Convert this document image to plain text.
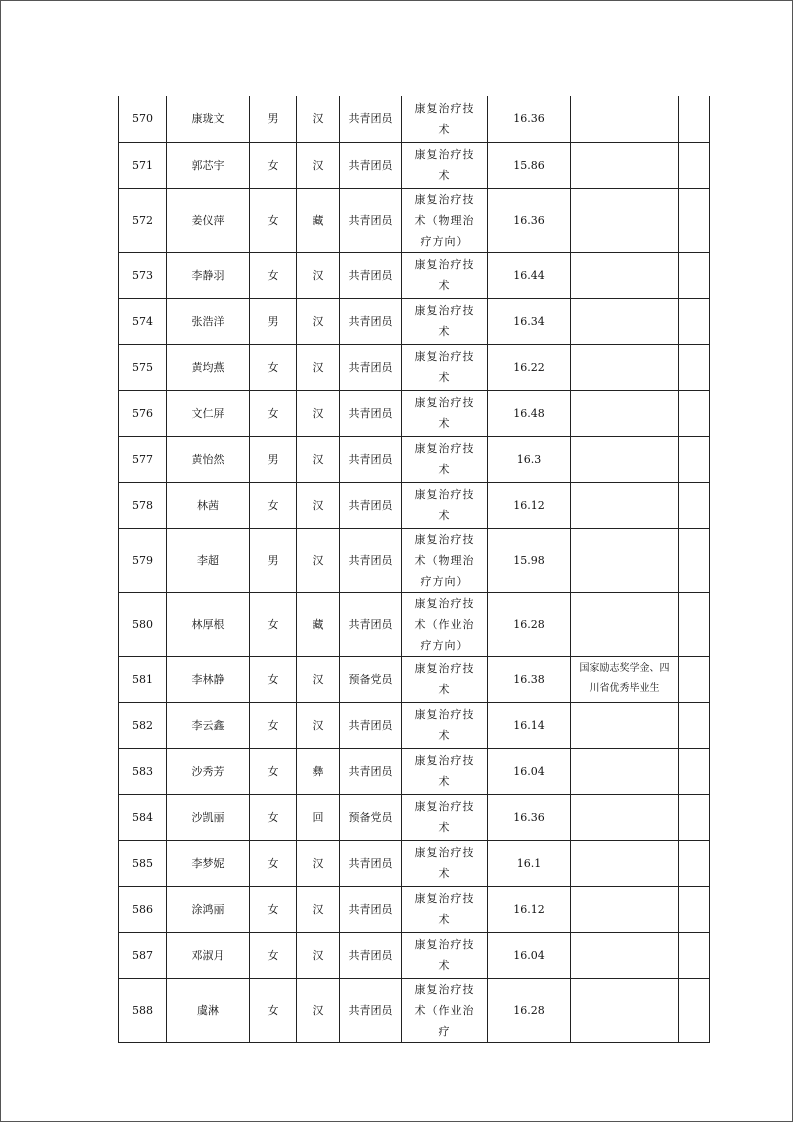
570	康珑文	男	汉	共青团员	康复治疗技术	16.36		

571	郭芯宇	女	汉	共青团员	康复治疗技术	15.86		

572	姜仪萍	女	藏	共青团员	康复治疗技术（物理治疗方向）	16.36		

573	李静羽	女	汉	共青团员	康复治疗技术	16.44		

574	张浩洋	男	汉	共青团员	康复治疗技术	16.34		

575	黄均燕	女	汉	共青团员	康复治疗技术	16.22		

576	文仁屏	女	汉	共青团员	康复治疗技术	16.48		

577	黄怡然	男	汉	共青团员	康复治疗技术	16.3		

578	林茜	女	汉	共青团员	康复治疗技术	16.12		

579	李超	男	汉	共青团员	康复治疗技术（物理治疗方向）	15.98		

580	林厚根	女	藏	共青团员	康复治疗技术（作业治疗方向）	16.28		

581	李林静	女	汉	预备党员	康复治疗技术	16.38	国家励志奖学金、四川省优秀毕业生	

582	李云鑫	女	汉	共青团员	康复治疗技术	16.14		

583	沙秀芳	女	彝	共青团员	康复治疗技术	16.04		

584	沙凯丽	女	回	预备党员	康复治疗技术	16.36		

585	李梦妮	女	汉	共青团员	康复治疗技术	16.1		

586	涂鸿丽	女	汉	共青团员	康复治疗技术	16.12		

587	邓淑月	女	汉	共青团员	康复治疗技术	16.04		

588	虞淋	女	汉	共青团员	康复治疗技术（作业治疗	16.28		
